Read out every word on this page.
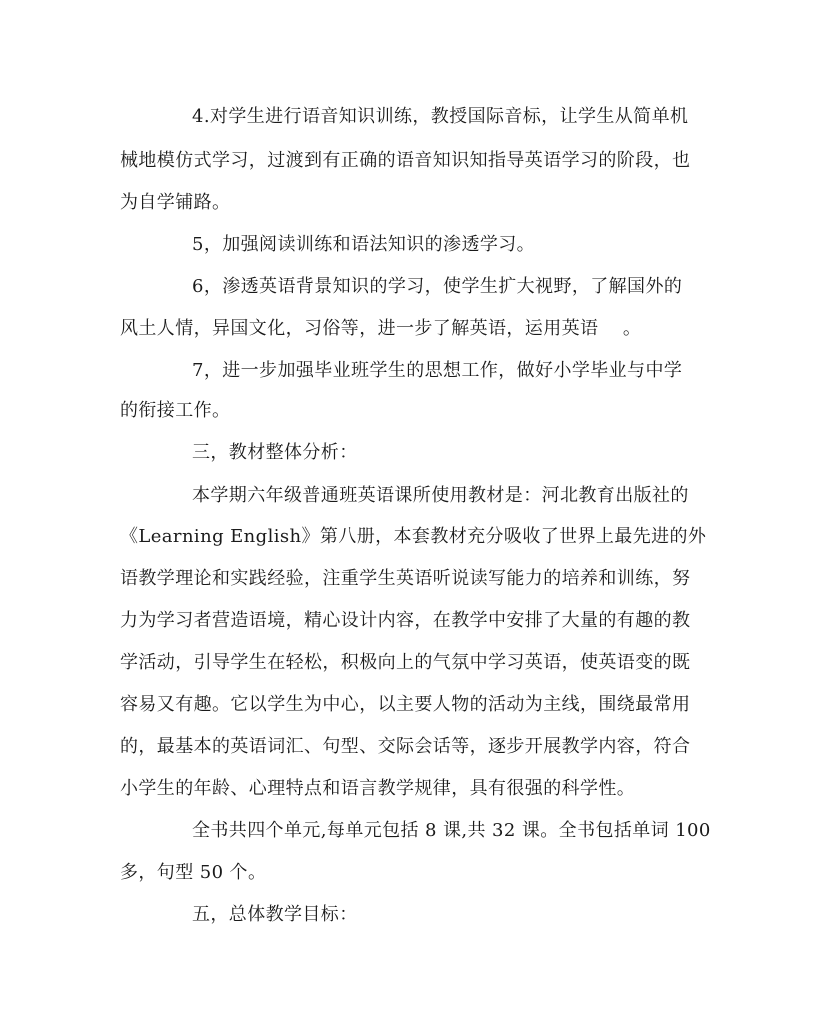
4.对学生进行语音知识训练，教授国际音标，让学生从简单机
械地模仿式学习，过渡到有正确的语音知识知指导英语学习的阶段，也
为自学铺路。
5，加强阅读训练和语法知识的渗透学习。
6，渗透英语背景知识的学习，使学生扩大视野，了解国外的
风土人情，异国文化，习俗等，进一步了解英语，运用英语    。
7，进一步加强毕业班学生的思想工作，做好小学毕业与中学
的衔接工作。
三，教材整体分析：
本学期六年级普通班英语课所使用教材是：河北教育出版社的
《Learning English》第八册，本套教材充分吸收了世界上最先进的外
语教学理论和实践经验，注重学生英语听说读写能力的培养和训练，努
力为学习者营造语境，精心设计内容，在教学中安排了大量的有趣的教
学活动，引导学生在轻松，积极向上的气氛中学习英语，使英语变的既
容易又有趣。它以学生为中心，以主要人物的活动为主线，围绕最常用
的，最基本的英语词汇、句型、交际会话等，逐步开展教学内容，符合
小学生的年龄、心理特点和语言教学规律，具有很强的科学性。
全书共四个单元,每单元包括 8 课,共 32 课。全书包括单词 100
多，句型 50 个。
五，总体教学目标：
